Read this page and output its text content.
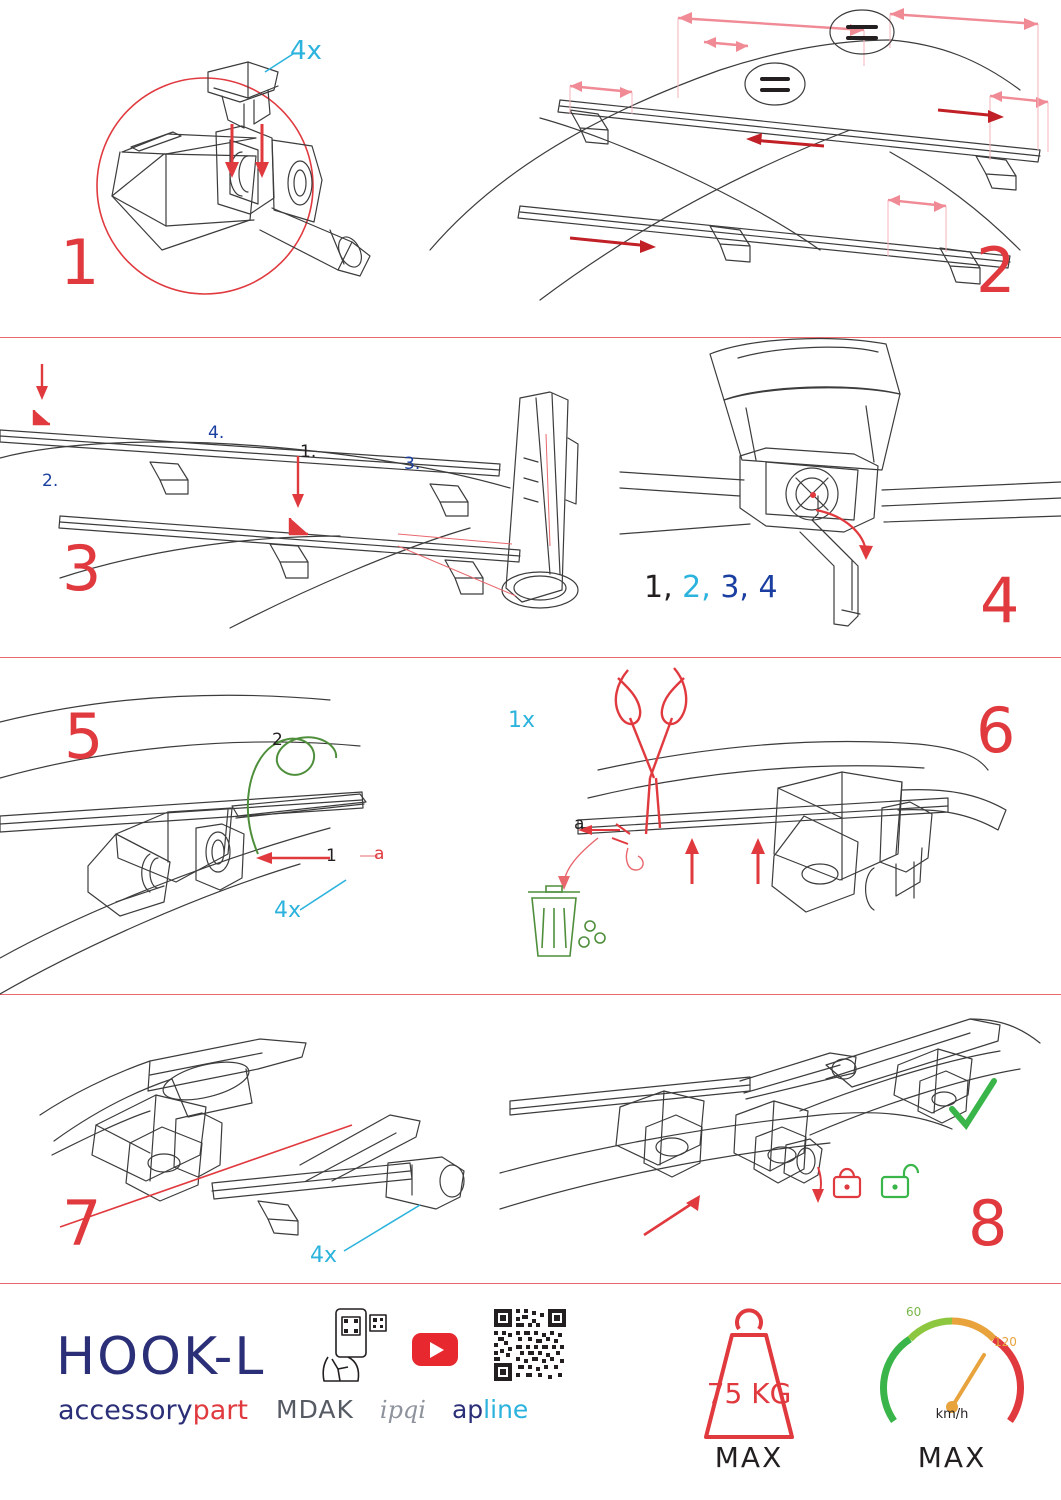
4x
1	2
2.
4.
3.
1.
1x
3	1, 2, 3, 4	4
2
1 a
4x
5
a
6
4x
7	8
HOOK-L
accessorypart MDAK ipqi apline	75 KG
MAX
60
120
km/h
MAX
